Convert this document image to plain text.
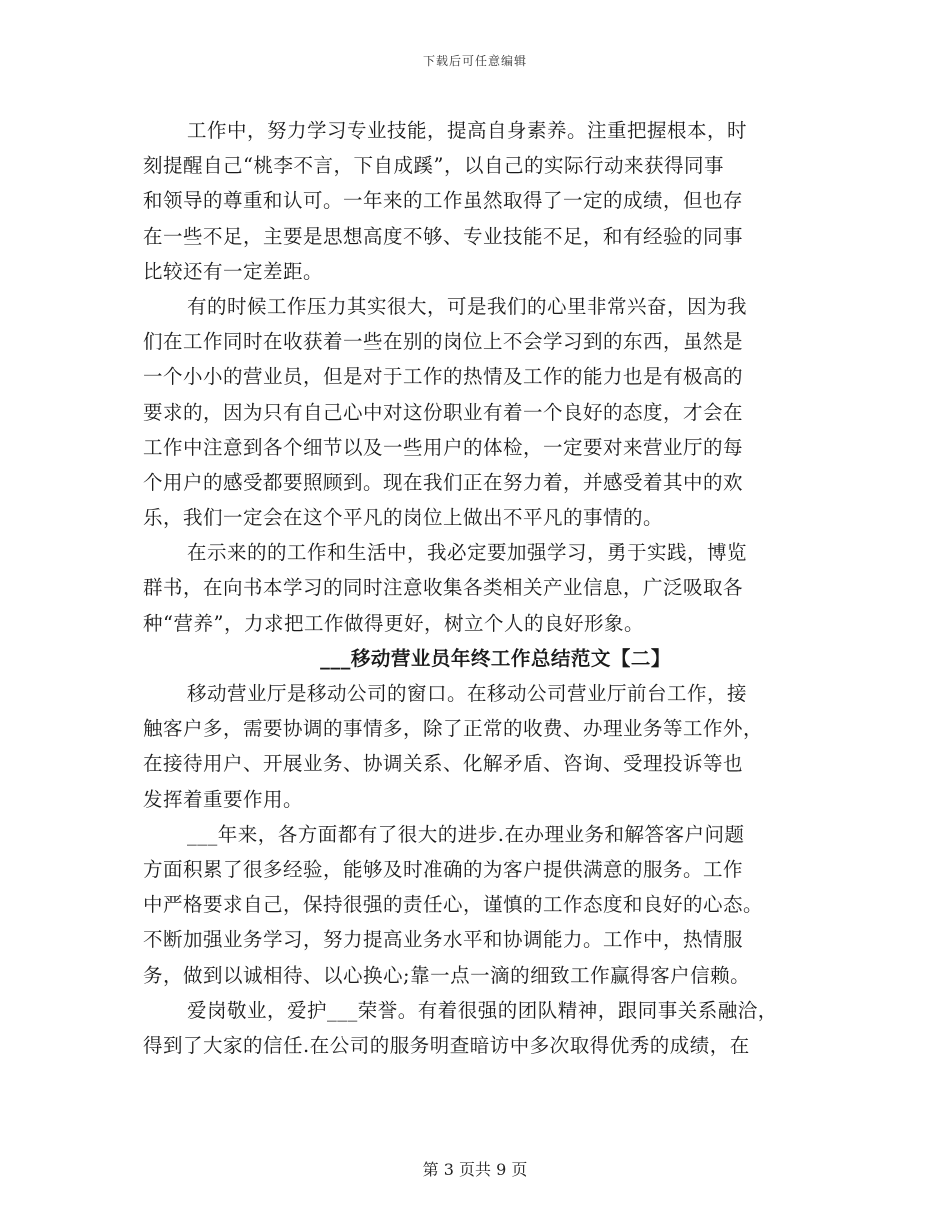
下载后可任意编辑
工作中，努力学习专业技能，提高自身素养。注重把握根本，时
刻提醒自己“桃李不言，下自成蹊”，以自己的实际行动来获得同事
和领导的尊重和认可。一年来的工作虽然取得了一定的成绩，但也存
在一些不足，主要是思想高度不够、专业技能不足，和有经验的同事
比较还有一定差距。
有的时候工作压力其实很大，可是我们的心里非常兴奋，因为我
们在工作同时在收获着一些在别的岗位上不会学习到的东西，虽然是
一个小小的营业员，但是对于工作的热情及工作的能力也是有极高的
要求的，因为只有自己心中对这份职业有着一个良好的态度，才会在
工作中注意到各个细节以及一些用户的体检，一定要对来营业厅的每
个用户的感受都要照顾到。现在我们正在努力着，并感受着其中的欢
乐，我们一定会在这个平凡的岗位上做出不平凡的事情的。
在示来的的工作和生活中，我必定要加强学习，勇于实践，博览
群书，在向书本学习的同时注意收集各类相关产业信息，广泛吸取各
种“营养”，力求把工作做得更好，树立个人的良好形象。
___移动营业员年终工作总结范文【二】
移动营业厅是移动公司的窗口。在移动公司营业厅前台工作，接
触客户多，需要协调的事情多，除了正常的收费、办理业务等工作外，
在接待用户、开展业务、协调关系、化解矛盾、咨询、受理投诉等也
发挥着重要作用。
___年来，各方面都有了很大的进步.在办理业务和解答客户问题
方面积累了很多经验，能够及时准确的为客户提供满意的服务。工作
中严格要求自己，保持很强的责任心，谨慎的工作态度和良好的心态。
不断加强业务学习，努力提高业务水平和协调能力。工作中，热情服
务，做到以诚相待、以心换心;靠一点一滴的细致工作赢得客户信赖。
爱岗敬业，爱护___荣誉。有着很强的团队精神，跟同事关系融洽，
得到了大家的信任.在公司的服务明查暗访中多次取得优秀的成绩，在
第 3 页共 9 页
